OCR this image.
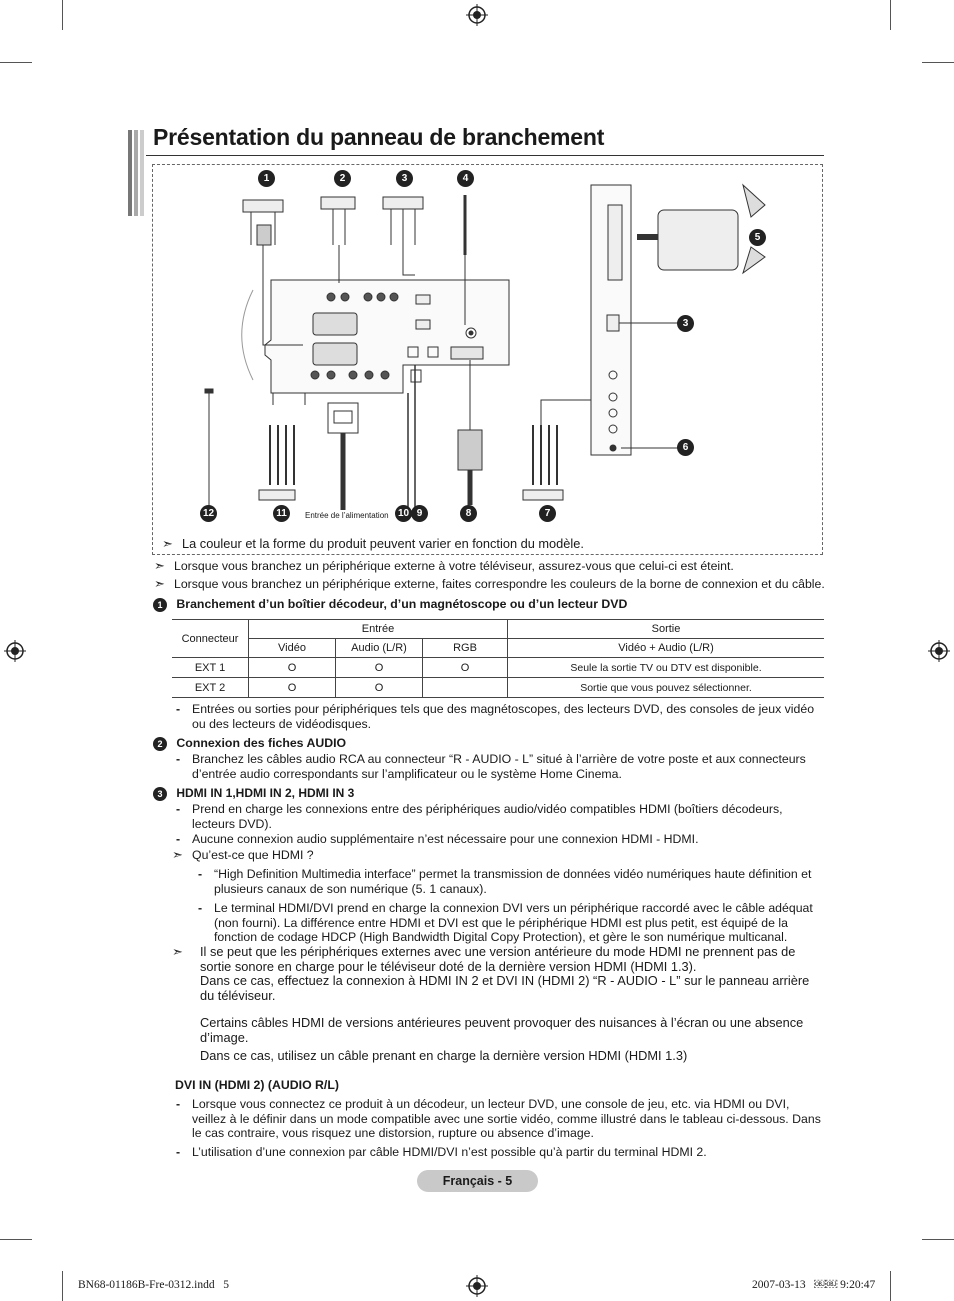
Présentation du panneau de branchement
1	2	3	4
5
3
6
12	11	10 9	8	7
Entrée de l’alimentation
➣ La couleur et la forme du produit peuvent varier en fonction du modèle.
➣ Lorsque vous branchez un périphérique externe à votre téléviseur, assurez-vous que celui-ci est éteint.
➣ Lorsque vous branchez un périphérique externe, faites correspondre les couleurs de la borne de connexion et du câble.
1 Branchement d’un boîtier décodeur, d’un magnétoscope ou d’un lecteur DVD
Connecteur	Entrée			Sortie
	Vidéo	Audio (L/R)	RGB	Vidéo + Audio (L/R)
EXT 1	O	O	O	Seule la sortie TV ou DTV est disponible.
EXT 2	O	O		Sortie que vous pouvez sélectionner.
- Entrées ou sorties pour périphériques tels que des magnétoscopes, des lecteurs DVD, des consoles de jeux vidéo ou des lecteurs de vidéodisques.
2 Connexion des fiches AUDIO
- Branchez les câbles audio RCA au connecteur “R - AUDIO - L” situé à l’arrière de votre poste et aux connecteurs d’entrée audio correspondants sur l’amplificateur ou le système Home Cinema.
3 HDMI IN 1,HDMI IN 2, HDMI IN 3
- Prend en charge les connexions entre des périphériques audio/vidéo compatibles HDMI (boîtiers décodeurs, lecteurs DVD).
- Aucune connexion audio supplémentaire n’est nécessaire pour une connexion HDMI - HDMI.
➣ Qu’est-ce que HDMI ?
- “High Definition Multimedia interface” permet la transmission de données vidéo numériques haute définition et plusieurs canaux de son numérique (5. 1 canaux).
- Le terminal HDMI/DVI prend en charge la connexion DVI vers un périphérique raccordé avec le câble adéquat (non fourni). La différence entre HDMI et DVI est que le périphérique HDMI est plus petit, est équipé de la fonction de codage HDCP (High Bandwidth Digital Copy Protection), et gère le son numérique multicanal.
➣	Il se peut que les périphériques externes avec une version antérieure du mode HDMI ne prennent pas de sortie sonore en charge pour le téléviseur doté de la dernière version HDMI (HDMI 1.3).
Dans ce cas, effectuez la connexion à HDMI IN 2 et DVI IN (HDMI 2) “R - AUDIO - L” sur le panneau arrière du téléviseur.
Certains câbles HDMI de versions antérieures peuvent provoquer des nuisances à l’écran ou une absence d’image.
Dans ce cas, utilisez un câble prenant en charge la dernière version HDMI (HDMI 1.3)
DVI IN (HDMI 2) (AUDIO R/L)
- Lorsque vous connectez ce produit à un décodeur, un lecteur DVD, une console de jeu, etc. via HDMI ou DVI, veillez à le définir dans un mode compatible avec une sortie vidéo, comme illustré dans le tableau ci-dessous. Dans le cas contraire, vous risquez une distorsion, rupture ou absence d’image.
- L’utilisation d’une connexion par câble HDMI/DVI n’est possible qu’à partir du terminal HDMI 2.
Français - 5
BN68-01186B-Fre-0312.indd   5	2007-03-13   ￼￼ 9:20:47
